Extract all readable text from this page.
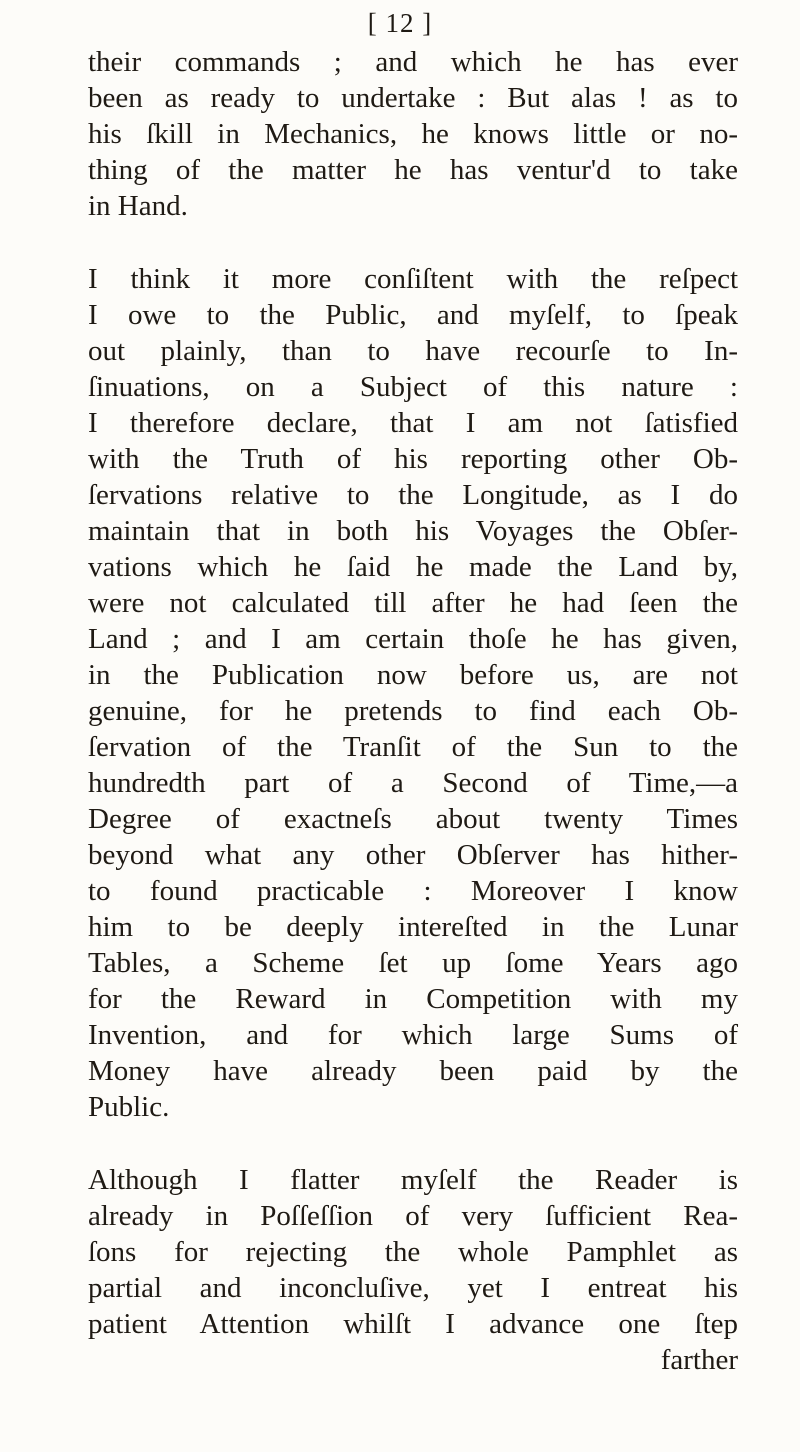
[ 12 ]
their commands ; and which he has ever
been as ready to undertake : But alas ! as to
his ſkill in Mechanics, he knows little or no-
thing of the matter he has ventur'd to take
in Hand.
I think it more conſiſtent with the reſpect
I owe to the Public, and myſelf, to ſpeak
out plainly, than to have recourſe to In-
ſinuations, on a Subject of this nature :
I therefore declare, that I am not ſatisfied
with the Truth of his reporting other Ob-
ſervations relative to the Longitude, as I do
maintain that in both his Voyages the Obſer-
vations which he ſaid he made the Land by,
were not calculated till after he had ſeen the
Land ; and I am certain thoſe he has given,
in the Publication now before us, are not
genuine, for he pretends to find each Ob-
ſervation of the Tranſit of the Sun to the
hundredth part of a Second of Time,—a
Degree of exactneſs about twenty Times
beyond what any other Obſerver has hither-
to found practicable : Moreover I know
him to be deeply intereſted in the Lunar
Tables, a Scheme ſet up ſome Years ago
for the Reward in Competition with my
Invention, and for which large Sums of
Money have already been paid by the
Public.
Although I flatter myſelf the Reader is
already in Poſſeſſion of very ſufficient Rea-
ſons for rejecting the whole Pamphlet as
partial and inconcluſive, yet I entreat his
patient Attention whilſt I advance one ſtep
farther
